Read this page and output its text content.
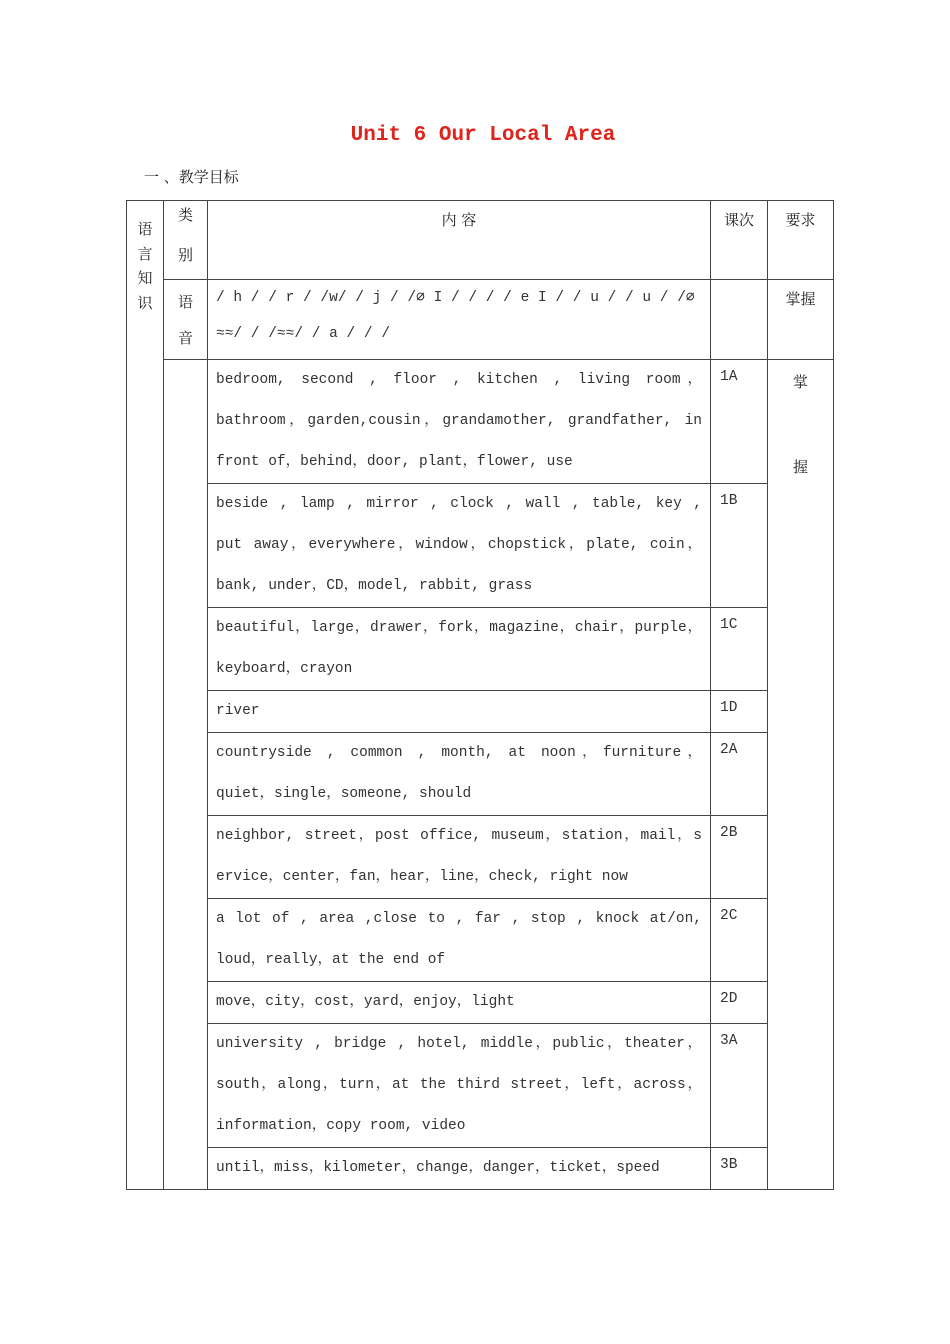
Unit 6 Our Local Area
一 、教学目标
语言知识	类别	内 容	课次	要求

	语音	/ h / / r / /w/ / j / /∅ I / / / / e I / / u / / u / /∅ ≈≈/ / /≈≈/ / a / / /		掌握
		bedroom, second , floor , kitchen , living room，bathroom，garden,cousin，grandamother, grandfather, in front of，behind，door, plant，flower, use	1A	掌握

		beside , lamp , mirror , clock , wall , table, key , put away，everywhere，window，chopstick，plate, coin，bank, under，CD，model, rabbit, grass	1B	
		beautiful，large，drawer，fork，magazine，chair，purple， keyboard，crayon	1C	
		river	1D	
		countryside , common , month, at noon，furniture，quiet，single，someone, should	2A	
		neighbor, street，post office, museum，station，mail，s ervice，center，fan，hear，line，check, right now	2B	
		a lot of , area ,close to , far , stop , knock at/on, loud，really，at the end of	2C	
		move，city，cost，yard，enjoy，light	2D	
		university , bridge , hotel, middle，public，theater，south，along，turn，at the third street，left，across，information，copy room, video	3A	
		until，miss，kilometer，change，danger，ticket，speed	3B	
